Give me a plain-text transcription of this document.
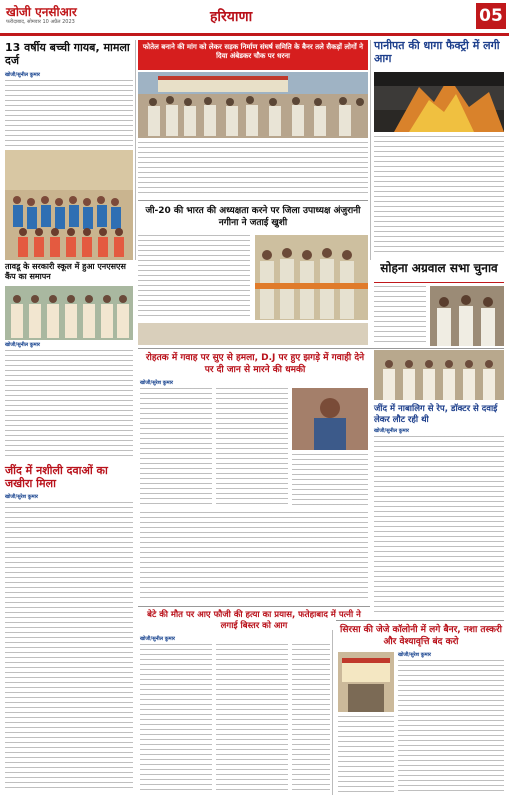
खोजी एनसीआर
फरीदाबाद, सोमवार 10 अप्रैल 2023	हरियाणा	05
13 वर्षीय बच्ची गायब, मामला दर्ज
खोजी/सुनील कुमार
फोतेल बनाने की मांग को लेकर सड़क निर्माण संघर्ष समिति के बैनर तले सैकड़ों लोगों ने दिया अंबेडकर चौक पर धरना
पानीपत की धागा फैक्ट्री में लगी आग
तावडू के सरकारी स्कूल में हुआ एनएसएस कैंप का समापन
खोजी/सुनील कुमार
जी-20 की भारत की अध्यक्षता करने पर जिला उपाध्यक्ष अंजुरानी नगीना ने जताई खुशी
सोहना अग्रवाल सभा चुनाव
रोहतक में गवाह पर सुए से हमला, D.J पर हुए झगड़े में गवाही देने पर दी जान से मारने की धमकी
खोजी/सुरेश कुमार
जींद में नाबालिग से रेप, डॉक्टर से दवाई लेकर लौट रही थी
खोजी/सुनील कुमार
जींद में नशीली दवाओं का जखीरा मिला
खोजी/सुरेश कुमार
बेटे की मौत पर आए फौजी की हत्या का प्रयास, फतेहाबाद में पत्नी ने लगाई बिस्तर को आग
खोजी/सुनील कुमार
सिरसा की जेजे कॉलोनी में लगे बैनर, नशा तस्करी और वेश्यावृत्ति बंद करो
खोजी/सुरेश कुमार
